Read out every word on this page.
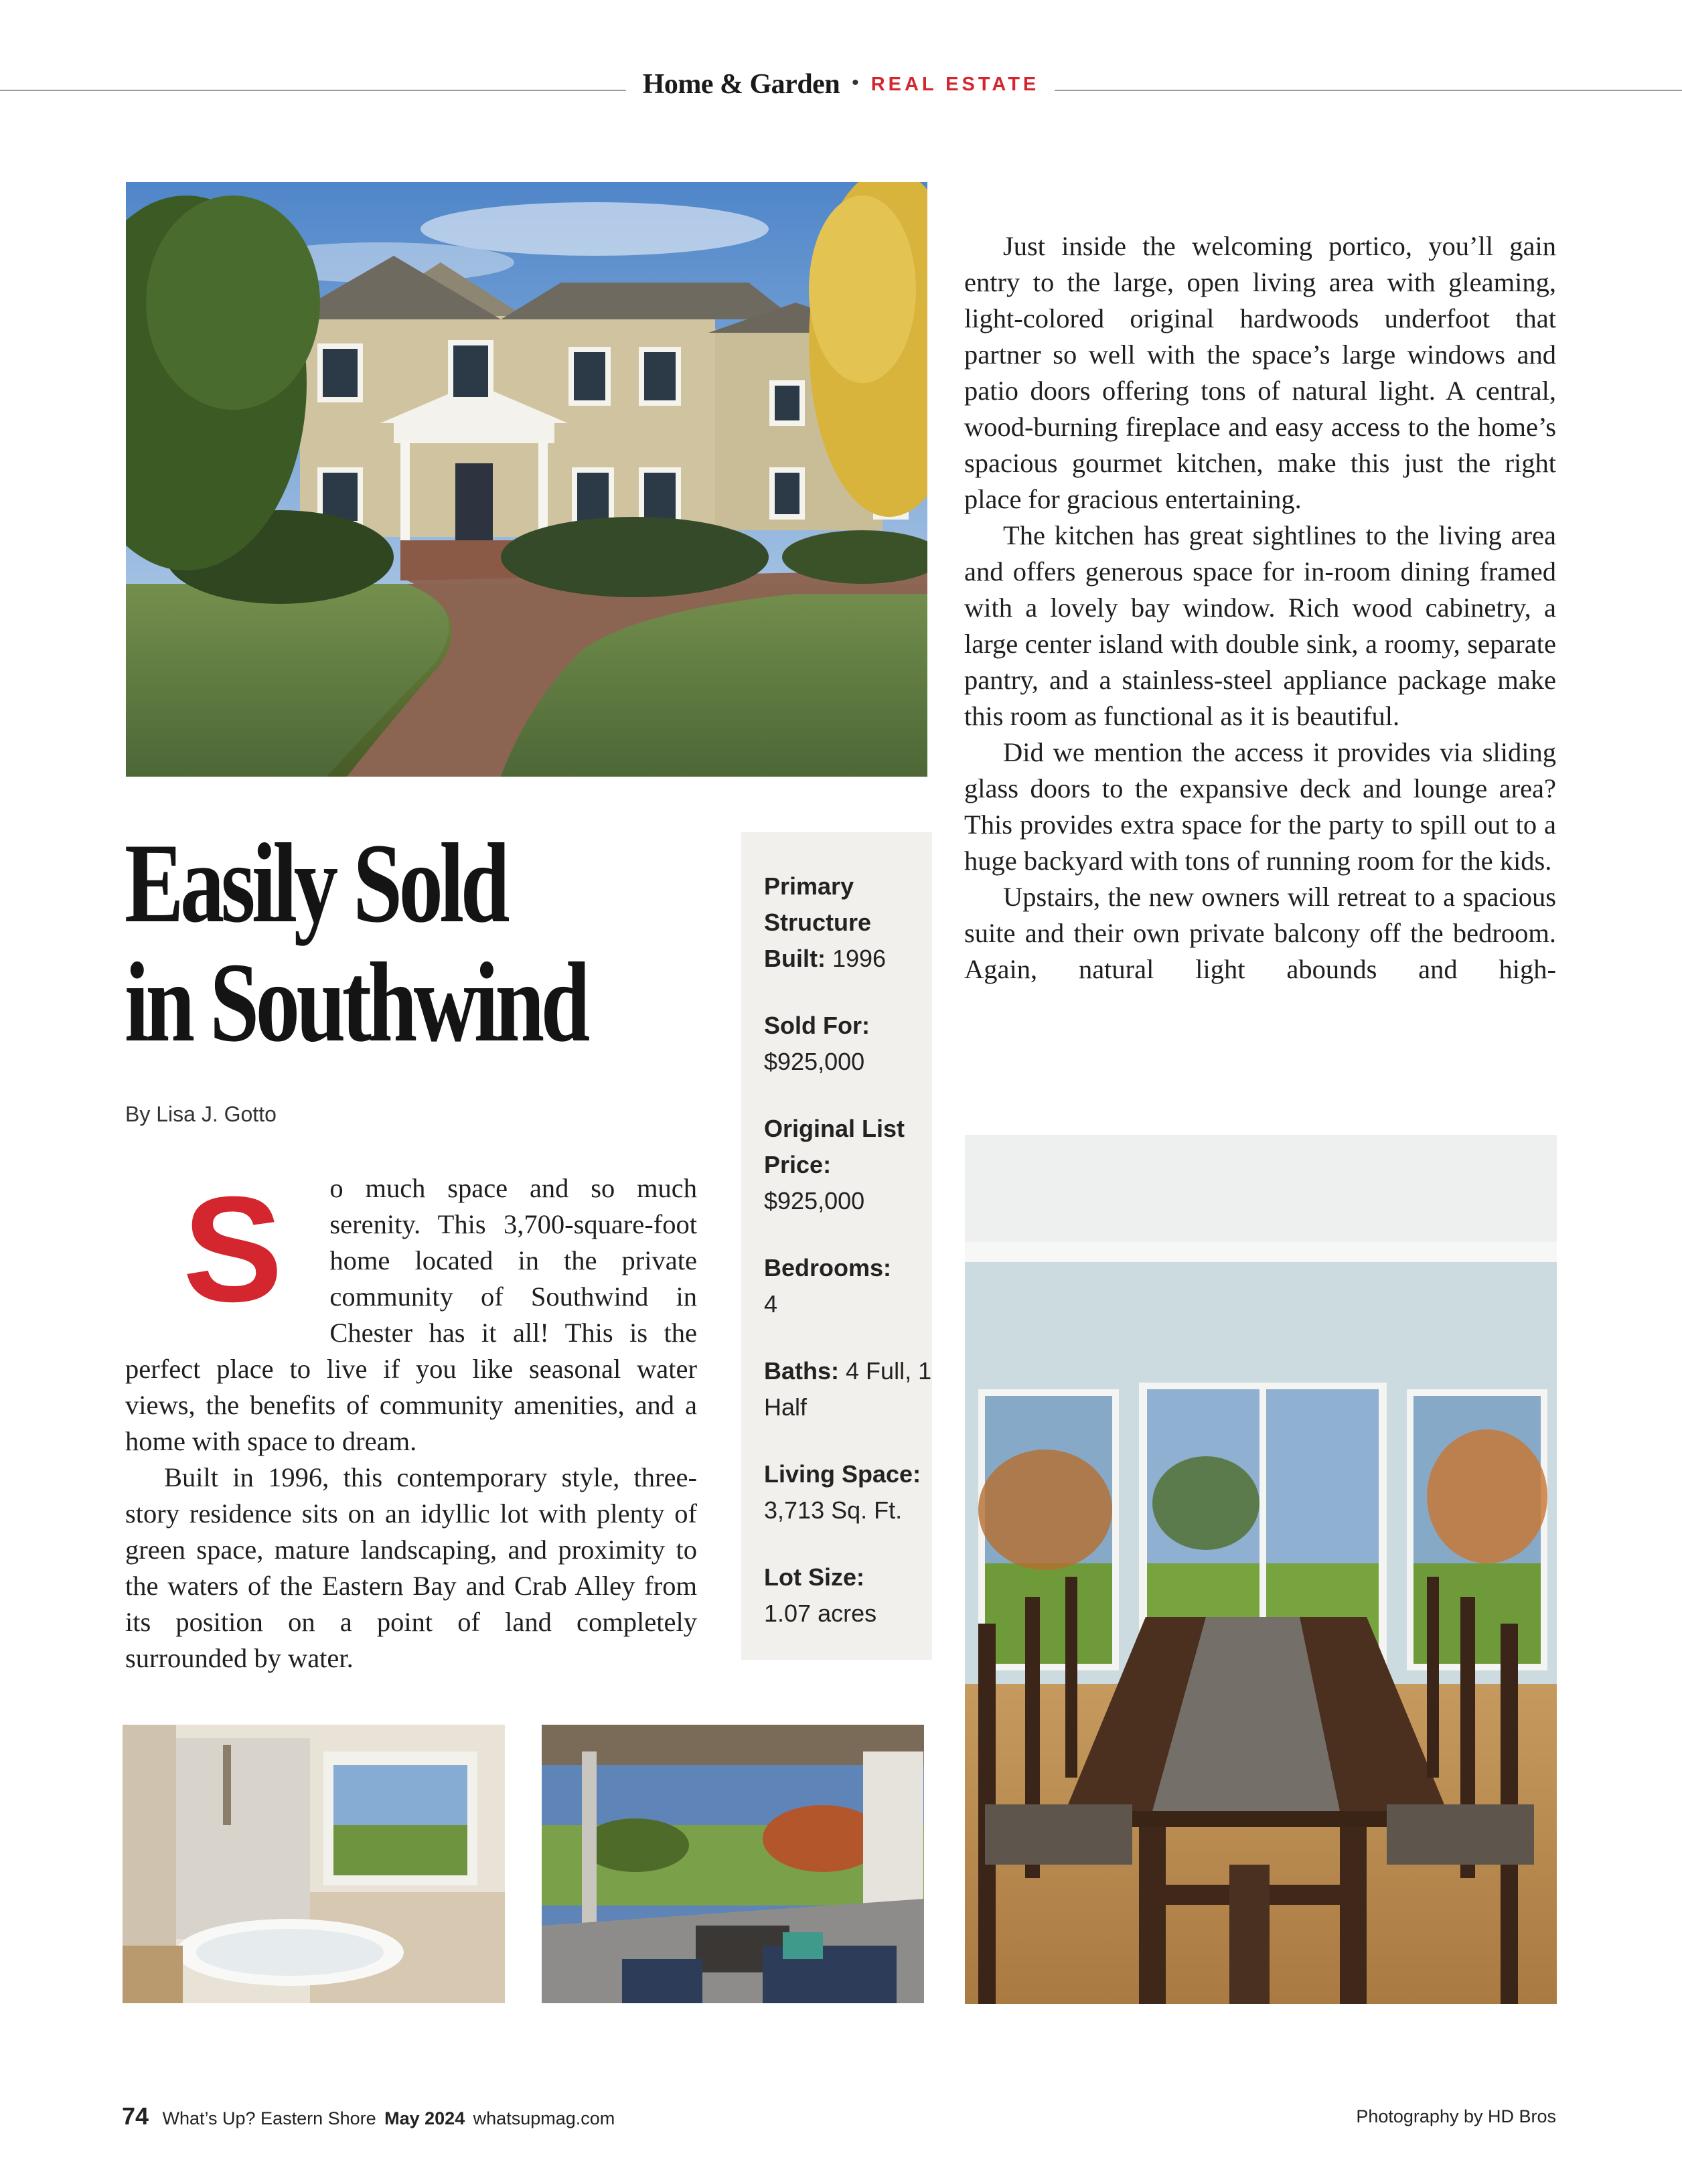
Home & Garden • REAL ESTATE
Easily Sold
in Southwind
By Lisa J. Gotto

S o much space and so much serenity. This 3,700-square-foot home located in the private community of Southwind in Chester has it all! This is the perfect place to live if you like seasonal water views, the benefits of community amenities, and a home with space to dream.

Built in 1996, this contemporary style, three-story residence sits on an idyllic lot with plenty of green space, mature landscaping, and proximity to the waters of the Eastern Bay and Crab Alley from its position on a point of land completely surrounded by water.

Primary Structure Built: 1996
Sold For:
$925,000
Original List Price:
$925,000
Bedrooms:
4
Baths: 4 Full, 1 Half
Living Space:
3,713 Sq. Ft.
Lot Size:
1.07 acres

Just inside the welcoming portico, you’ll gain entry to the large, open living area with gleaming, light-colored original hardwoods underfoot that partner so well with the space’s large windows and patio doors offering tons of natural light. A central, wood-burning fireplace and easy access to the home’s spacious gourmet kitchen, make this just the right place for gracious entertaining.

The kitchen has great sightlines to the living area and offers generous space for in-room dining framed with a lovely bay window. Rich wood cabinetry, a large center island with double sink, a roomy, separate pantry, and a stainless-steel appliance package make this room as functional as it is beautiful.

Did we mention the access it provides via sliding glass doors to the expansive deck and lounge area? This provides extra space for the party to spill out to a huge backyard with tons of running room for the kids.

Upstairs, the new owners will retreat to a spacious suite and their own private balcony off the bedroom. Again, natural light abounds and high-

74 What’s Up? Eastern Shore May 2024 whatsupmag.com	Photography by HD Bros
